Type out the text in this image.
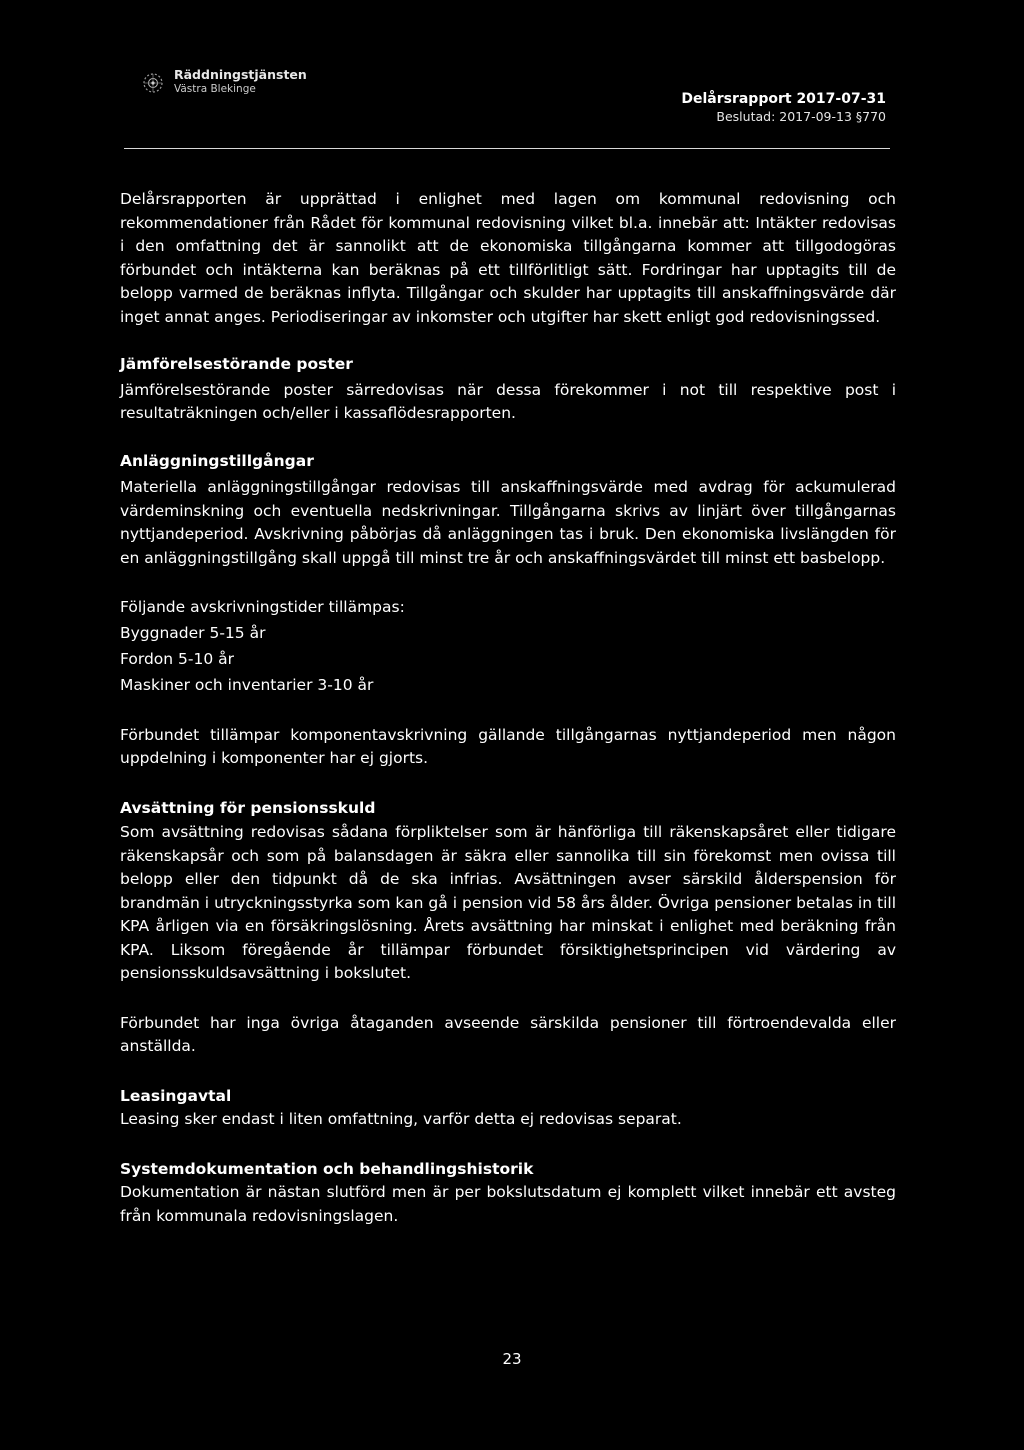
Räddningstjänsten
Västra Blekinge
Delårsrapport 2017-07-31
Beslutad: 2017-09-13 §770

Delårsrapporten är upprättad i enlighet med lagen om kommunal redovisning och rekommendationer från Rådet för kommunal redovisning vilket bl.a. innebär att: Intäkter redovisas i den omfattning det är sannolikt att de ekonomiska tillgångarna kommer att tillgodogöras förbundet och intäkterna kan beräknas på ett tillförlitligt sätt. Fordringar har upptagits till de belopp varmed de beräknas inflyta. Tillgångar och skulder har upptagits till anskaffningsvärde där inget annat anges. Periodiseringar av inkomster och utgifter har skett enligt god redovisningssed.

Jämförelsestörande poster

Jämförelsestörande poster särredovisas när dessa förekommer i not till respektive post i resultaträkningen och/eller i kassaflödesrapporten.

Anläggningstillgångar

Materiella anläggningstillgångar redovisas till anskaffningsvärde med avdrag för ackumulerad värdeminskning och eventuella nedskrivningar. Tillgångarna skrivs av linjärt över tillgångarnas nyttjandeperiod. Avskrivning påbörjas då anläggningen tas i bruk. Den ekonomiska livslängden för en anläggningstillgång skall uppgå till minst tre år och anskaffningsvärdet till minst ett basbelopp.

Följande avskrivningstider tillämpas:

Byggnader 5-15 år
Fordon 5-10 år
Maskiner och inventarier 3-10 år

Förbundet tillämpar komponentavskrivning gällande tillgångarnas nyttjandeperiod men någon uppdelning i komponenter har ej gjorts.

Avsättning för pensionsskuld

Som avsättning redovisas sådana förpliktelser som är hänförliga till räkenskapsåret eller tidigare räkenskapsår och som på balansdagen är säkra eller sannolika till sin förekomst men ovissa till belopp eller den tidpunkt då de ska infrias. Avsättningen avser särskild ålderspension för brandmän i utryckningsstyrka som kan gå i pension vid 58 års ålder. Övriga pensioner betalas in till KPA årligen via en försäkringslösning. Årets avsättning har minskat i enlighet med beräkning från KPA. Liksom föregående år tillämpar förbundet försiktighetsprincipen vid värdering av pensionsskuldsavsättning i bokslutet.

Förbundet har inga övriga åtaganden avseende särskilda pensioner till förtroendevalda eller anställda.

Leasingavtal

Leasing sker endast i liten omfattning, varför detta ej redovisas separat.

Systemdokumentation och behandlingshistorik

Dokumentation är nästan slutförd men är per bokslutsdatum ej komplett vilket innebär ett avsteg från kommunala redovisningslagen.

23
